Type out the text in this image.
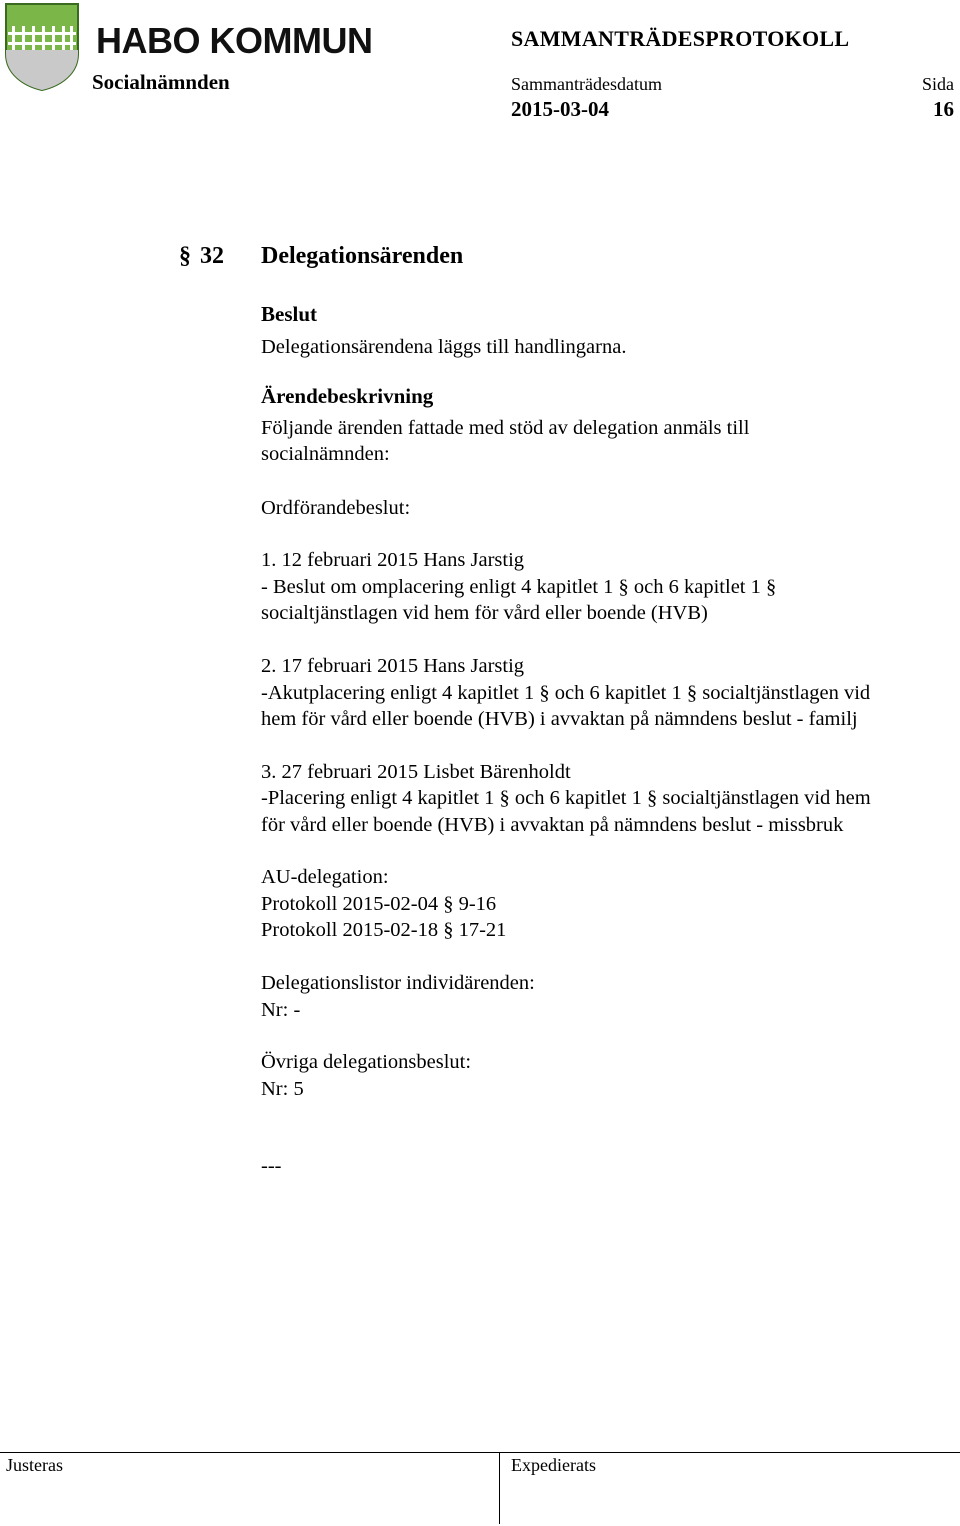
HABO KOMMUN	SAMMANTRÄDESPROTOKOLL
Socialnämnden	Sammanträdesdatum	Sida
2015-03-04	16
§ 32 Delegationsärenden
Beslut
Delegationsärendena läggs till handlingarna.
Ärendebeskrivning
Följande ärenden fattade med stöd av delegation anmäls till
socialnämnden:
Ordförandebeslut:
1. 12 februari 2015 Hans Jarstig
- Beslut om omplacering enligt 4 kapitlet 1 § och 6 kapitlet 1 §
socialtjänstlagen vid hem för vård eller boende (HVB)
2. 17 februari 2015 Hans Jarstig
-Akutplacering enligt 4 kapitlet 1 § och 6 kapitlet 1 § socialtjänstlagen vid
hem för vård eller boende (HVB) i avvaktan på nämndens beslut - familj
3. 27 februari 2015 Lisbet Bärenholdt
-Placering enligt 4 kapitlet 1 § och 6 kapitlet 1 § socialtjänstlagen vid hem
för vård eller boende (HVB) i avvaktan på nämndens beslut - missbruk
AU-delegation:
Protokoll 2015-02-04 § 9-16
Protokoll 2015-02-18 § 17-21
Delegationslistor individärenden:
Nr: -
Övriga delegationsbeslut:
Nr: 5
---
Justeras	Expedierats
